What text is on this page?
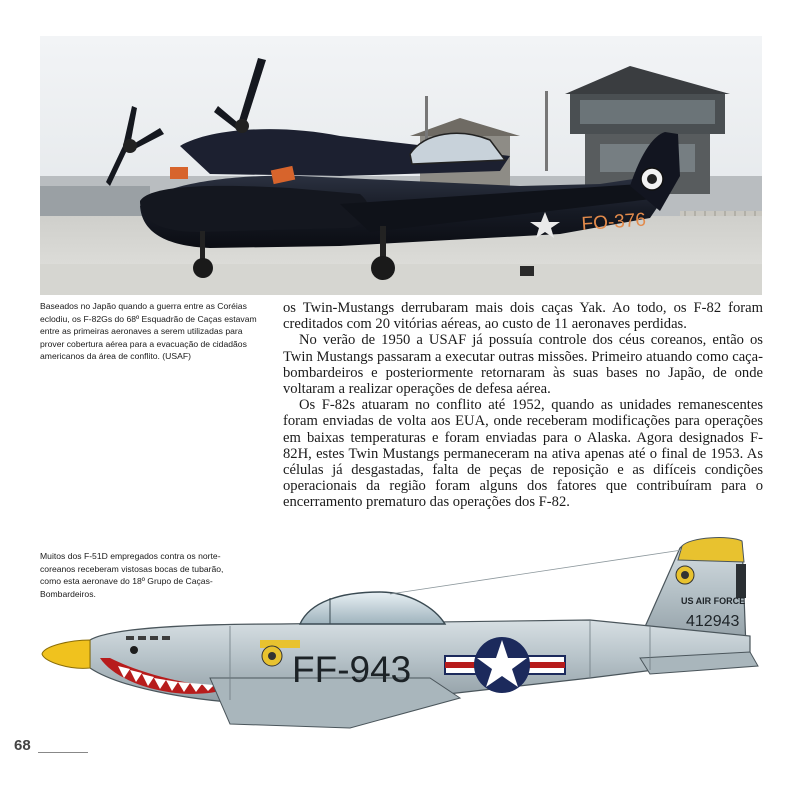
FO-376
Baseados no Japão quando a guerra entre as Coréias eclodiu, os F-82Gs do 68º Esquadrão de Caças estavam entre as primeiras aeronaves a serem utilizadas para prover cobertura aérea para a evacuação de cidadãos americanos da área de conflito. (USAF)

os Twin-Mustangs derrubaram mais dois caças Yak. Ao todo, os F-82 foram creditados com 20 vitórias aéreas, ao custo de 11 aeronaves perdidas.

No verão de 1950 a USAF já possuía controle dos céus coreanos, então os Twin Mustangs passaram a executar outras missões. Primeiro atuando como caça-bombardeiros e posteriormente retornaram às suas bases no Japão, de onde voltaram a realizar operações de defesa aérea.

Os F-82s atuaram no conflito até 1952, quando as unidades remanescentes foram enviadas de volta aos EUA, onde receberam modificações para operações em baixas temperaturas e foram enviadas para o Alaska. Agora designados F-82H, estes Twin Mustangs permaneceram na ativa apenas até o final de 1953. As células já desgastadas, falta de peças de reposição e as difíceis condições operacionais da região foram alguns dos fatores que contribuíram para o encerramento prematuro das operações dos F-82.

Muitos dos F-51D empregados contra os norte-coreanos receberam vistosas bocas de tubarão, como esta aeronave do 18º Grupo de Caças-Bombardeiros.
US AIR FORCE
412943
FF-943
68
